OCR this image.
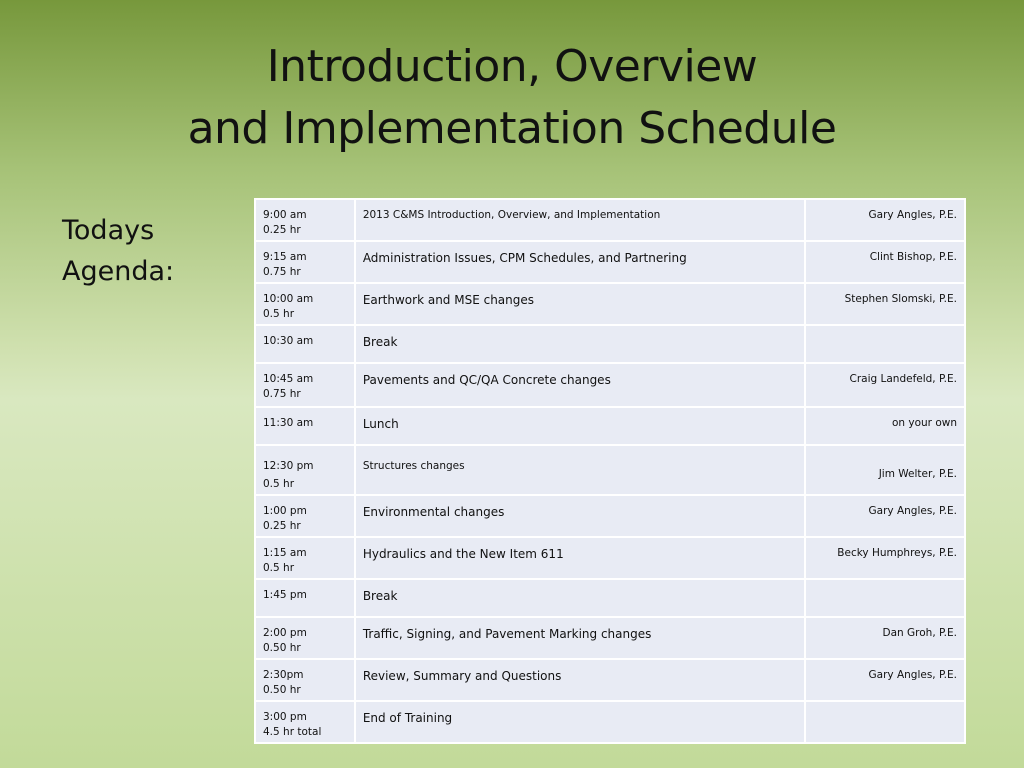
Introduction, Overview
and Implementation Schedule
Todays
Agenda:
9:00 am
0.25 hr	2013 C&MS Introduction, Overview, and Implementation	Gary Angles, P.E.

9:15 am
0.75 hr	Administration Issues, CPM Schedules, and Partnering	Clint Bishop, P.E.

10:00 am
0.5 hr	Earthwork and MSE changes	Stephen Slomski, P.E.

10:30 am	Break	

10:45 am
0.75 hr	Pavements and QC/QA Concrete changes	Craig Landefeld, P.E.

11:30 am	Lunch	on your own

12:30 pm
0.5 hr	Structures changes	Jim Welter, P.E.

1:00 pm
0.25 hr	Environmental changes	Gary Angles, P.E.

1:15 am
0.5 hr	Hydraulics and the New Item 611	Becky Humphreys, P.E.

1:45 pm	Break	

2:00 pm
0.50 hr	Traffic, Signing, and Pavement Marking changes	Dan Groh, P.E.

2:30pm
0.50 hr	Review, Summary and Questions	Gary Angles, P.E.

3:00 pm
4.5 hr total	End of Training	
